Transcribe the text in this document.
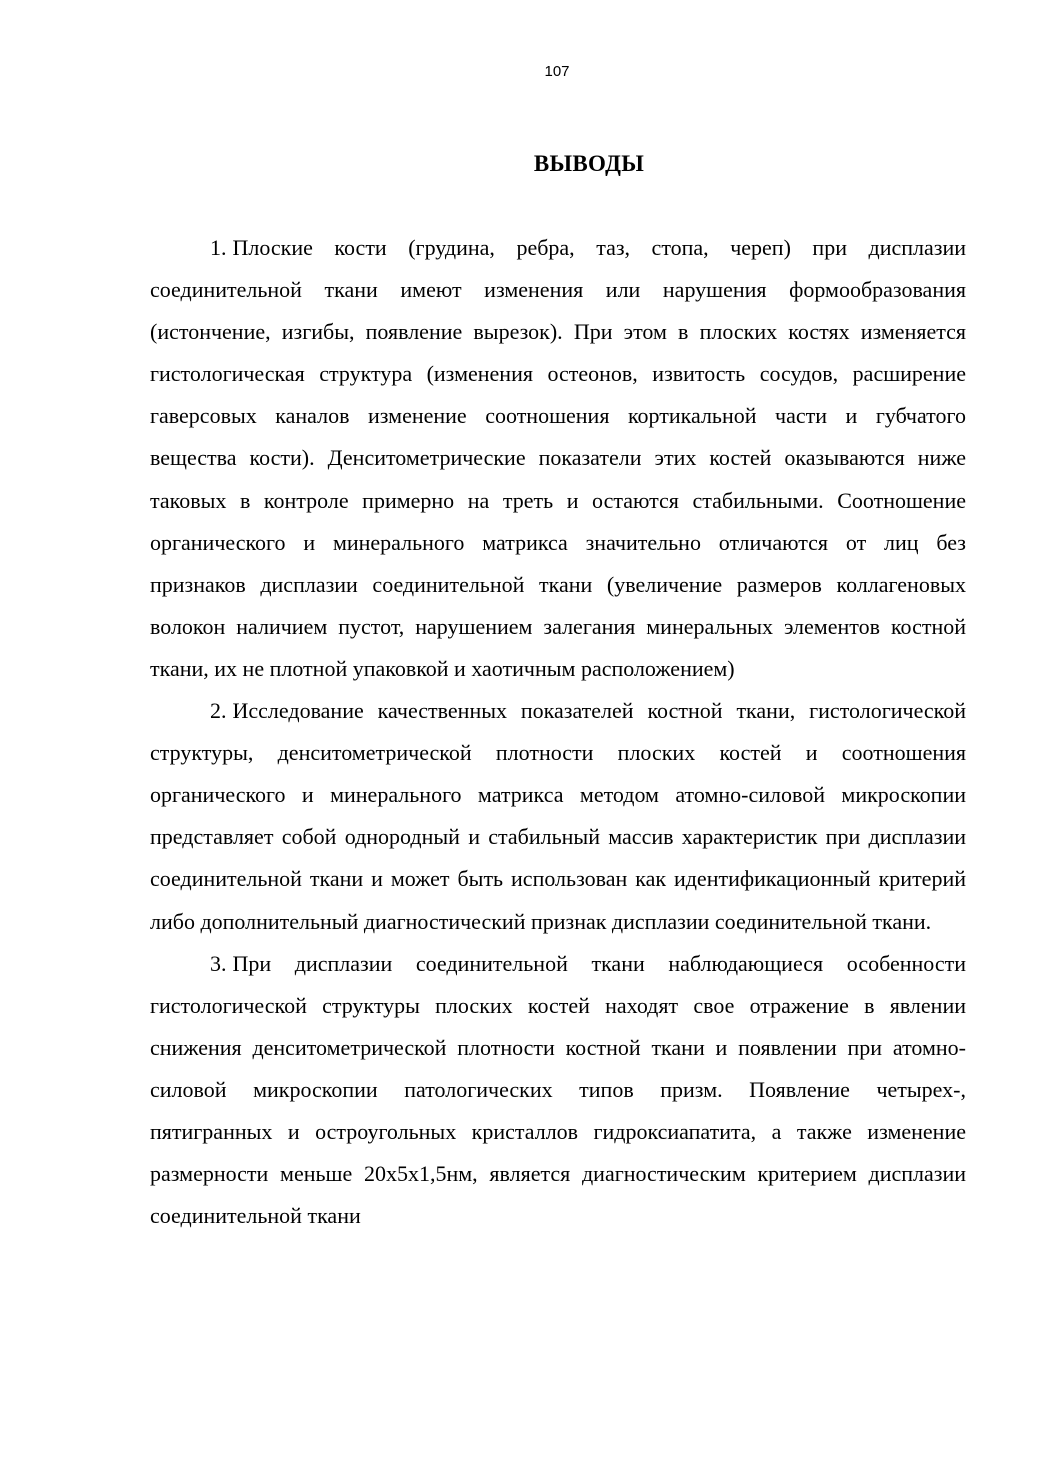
107
ВЫВОДЫ

1. Плоские кости (грудина, ребра, таз, стопа, череп) при дисплазии соединительной ткани имеют изменения или нарушения формообразования (истончение, изгибы, появление вырезок). При этом в плоских костях изменяется гистологическая структура (изменения остеонов, извитость сосудов, расширение гаверсовых каналов изменение соотношения кортикальной части и губчатого вещества кости). Денситометрические показатели этих костей оказываются ниже таковых в контроле примерно на треть и остаются стабильными. Соотношение органического и минерального матрикса значительно отличаются от лиц без признаков дисплазии соединительной ткани (увеличение размеров коллагеновых волокон наличием пустот, нарушением залегания минеральных элементов костной ткани, их не плотной упаковкой и хаотичным расположением)

2. Исследование качественных показателей костной ткани, гистологической структуры, денситометрической плотности плоских костей и соотношения органического и минерального матрикса методом атомно-силовой микроскопии представляет собой однородный и стабильный массив характеристик при дисплазии соединительной ткани и может быть использован как идентификационный критерий либо дополнительный диагностический признак дисплазии соединительной ткани.

3. При дисплазии соединительной ткани наблюдающиеся особенности гистологической структуры плоских костей находят свое отражение в явлении снижения денситометрической плотности костной ткани и появлении при атомно-силовой микроскопии патологических типов призм. Появление четырех-, пятигранных и остроугольных кристаллов гидроксиапатита, а также изменение размерности меньше 20х5х1,5нм, является диагностическим критерием дисплазии соединительной ткани
